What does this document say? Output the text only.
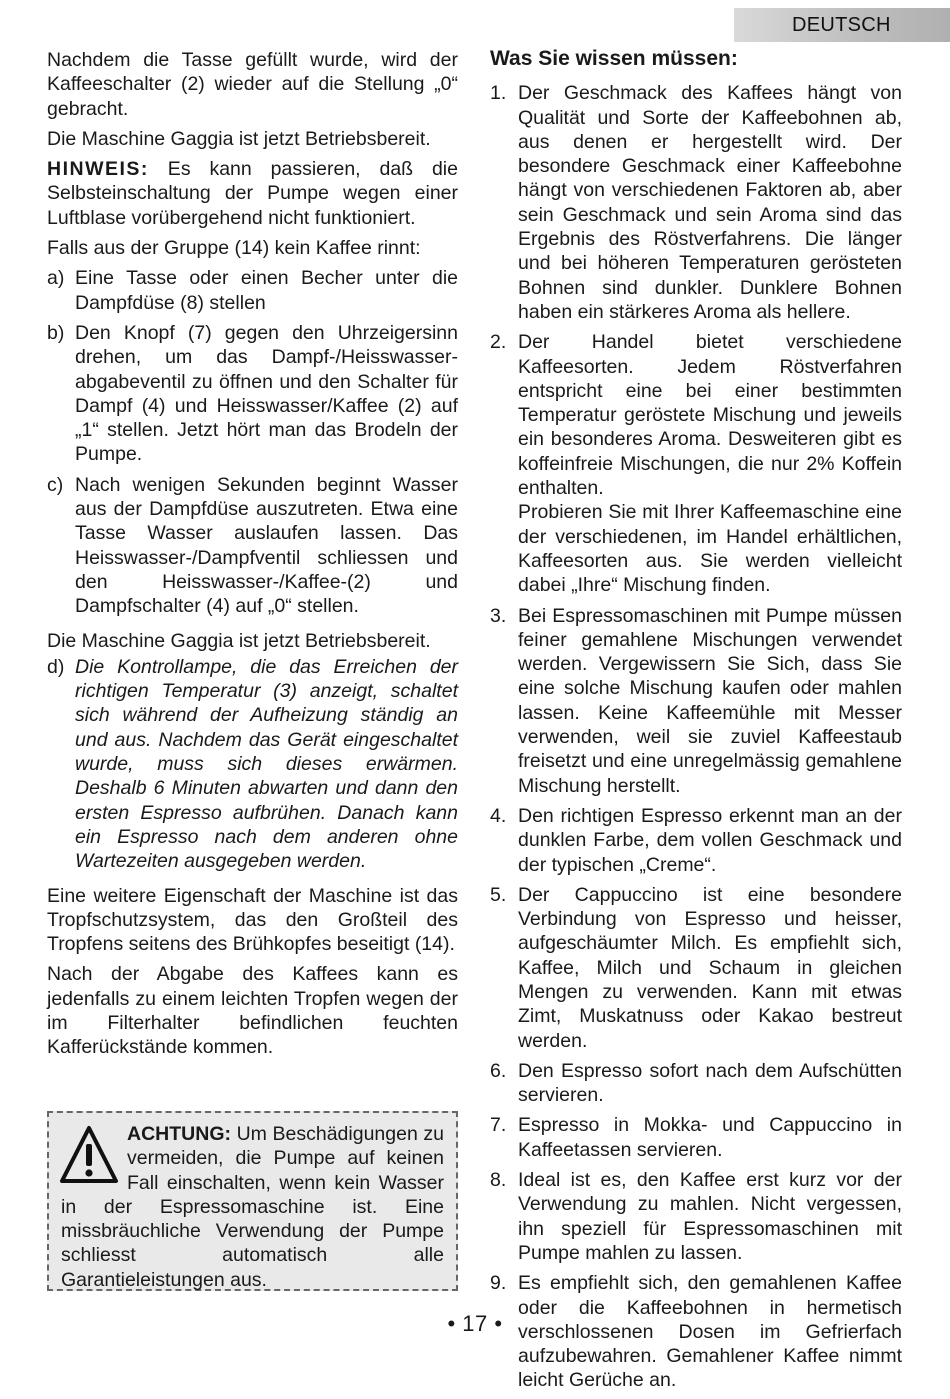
DEUTSCH

Nachdem die Tasse gefüllt wurde, wird der Kaffeeschalter (2) wieder auf die Stellung „0“ gebracht.

Die Maschine Gaggia ist jetzt Betriebsbereit.

HINWEIS: Es kann passieren, daß die Selbsteinschaltung der Pumpe wegen einer Luftblase vorübergehend nicht funktioniert.

Falls aus der Gruppe (14) kein Kaffee rinnt:

a) Eine Tasse oder einen Becher unter die Dampfdüse (8) stellen
b) Den Knopf (7) gegen den Uhrzeigersinn drehen, um das Dampf-/Heisswasser-abgabeventil zu öffnen und den Schalter für Dampf (4) und Heisswasser/Kaffee (2) auf „1“ stellen. Jetzt hört man das Brodeln der Pumpe.
c) Nach wenigen Sekunden beginnt Wasser aus der Dampfdüse auszutreten. Etwa eine Tasse Wasser auslaufen lassen. Das Heisswasser-/Dampfventil schliessen und den Heisswasser-/Kaffee-(2) und Dampfschalter (4) auf „0“ stellen.

Die Maschine Gaggia ist jetzt Betriebsbereit.

d) Die Kontrollampe, die das Erreichen der richtigen Temperatur (3) anzeigt, schaltet sich während der Aufheizung ständig an und aus. Nachdem das Gerät eingeschaltet wurde, muss sich dieses erwärmen. Deshalb 6 Minuten abwarten und dann den ersten Espresso aufbrühen. Danach kann ein Espresso nach dem anderen ohne Wartezeiten ausgegeben werden.

Eine weitere Eigenschaft der Maschine ist das Tropfschutzsystem, das den Großteil des Tropfens seitens des Brühkopfes beseitigt (14).

Nach der Abgabe des Kaffees kann es jedenfalls zu einem leichten Tropfen wegen der im Filterhalter befindlichen feuchten Kafferückstände kommen.

ACHTUNG: Um Beschädigungen zu vermeiden, die Pumpe auf keinen Fall einschalten, wenn kein Wasser in der Espressomaschine ist. Eine missbräuchliche Verwendung der Pumpe schliesst automatisch alle Garantieleistungen aus.

Was Sie wissen müssen:

1. Der Geschmack des Kaffees hängt von Qualität und Sorte der Kaffeebohnen ab, aus denen er hergestellt wird. Der besondere Geschmack einer Kaffeebohne hängt von verschiedenen Faktoren ab, aber sein Geschmack und sein Aroma sind das Ergebnis des Röstverfahrens. Die länger und bei höheren Temperaturen gerösteten Bohnen sind dunkler. Dunklere Bohnen haben ein stärkeres Aroma als hellere.
2. Der Handel bietet verschiedene Kaffeesorten. Jedem Röstverfahren entspricht eine bei einer bestimmten Temperatur geröstete Mischung und jeweils ein besonderes Aroma. Desweiteren gibt es koffeinfreie Mischungen, die nur 2% Koffein enthalten.
Probieren Sie mit Ihrer Kaffeemaschine eine der verschiedenen, im Handel erhältlichen, Kaffeesorten aus. Sie werden vielleicht dabei „Ihre“ Mischung finden.
3. Bei Espressomaschinen mit Pumpe müssen feiner gemahlene Mischungen verwendet werden. Vergewissern Sie Sich, dass Sie eine solche Mischung kaufen oder mahlen lassen. Keine Kaffeemühle mit Messer verwenden, weil sie zuviel Kaffeestaub freisetzt und eine unregelmässig gemahlene Mischung herstellt.
4. Den richtigen Espresso erkennt man an der dunklen Farbe, dem vollen Geschmack und der typischen „Creme“.
5. Der Cappuccino ist eine besondere Verbindung von Espresso und heisser, aufgeschäumter Milch. Es empfiehlt sich, Kaffee, Milch und Schaum in gleichen Mengen zu verwenden. Kann mit etwas Zimt, Muskatnuss oder Kakao bestreut werden.
6. Den Espresso sofort nach dem Aufschütten servieren.
7. Espresso in Mokka- und Cappuccino in Kaffeetassen servieren.
8. Ideal ist es, den Kaffee erst kurz vor der Verwendung zu mahlen. Nicht vergessen, ihn speziell für Espressomaschinen mit Pumpe mahlen zu lassen.
9. Es empfiehlt sich, den gemahlenen Kaffee oder die Kaffeebohnen in hermetisch verschlossenen Dosen im Gefrierfach aufzubewahren. Gemahlener Kaffee nimmt leicht Gerüche an.
• 17 •
